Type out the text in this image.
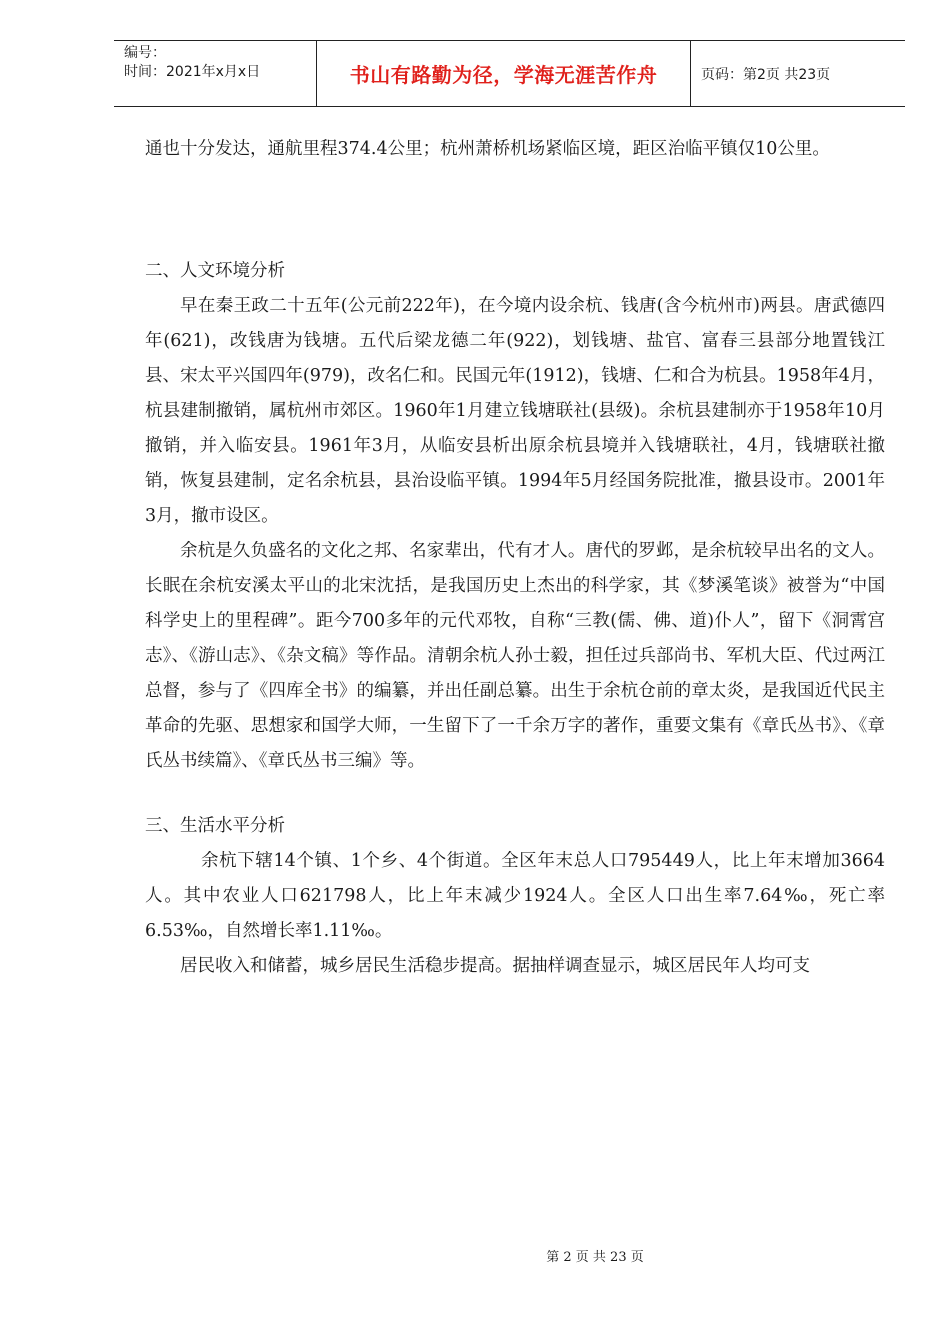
编号：
时间：2021年x月x日	书山有路勤为径，学海无涯苦作舟	页码：第2页 共23页

通也十分发达，通航里程374.4公里；杭州萧桥机场紧临区境，距区治临平镇仅10公里。

二、人文环境分析

早在秦王政二十五年(公元前222年)，在今境内设余杭、钱唐(含今杭州市)两县。唐武德四年(621)，改钱唐为钱塘。五代后梁龙德二年(922)，划钱塘、盐官、富春三县部分地置钱江县、宋太平兴国四年(979)，改名仁和。民国元年(1912)，钱塘、仁和合为杭县。1958年4月，杭县建制撤销，属杭州市郊区。1960年1月建立钱塘联社(县级)。余杭县建制亦于1958年10月撤销，并入临安县。1961年3月，从临安县析出原余杭县境并入钱塘联社，4月，钱塘联社撤销，恢复县建制，定名余杭县，县治设临平镇。1994年5月经国务院批准，撤县设市。2001年3月，撤市设区。

余杭是久负盛名的文化之邦、名家辈出，代有才人。唐代的罗邺，是余杭较早出名的文人。长眠在余杭安溪太平山的北宋沈括，是我国历史上杰出的科学家，其《梦溪笔谈》被誉为“中国科学史上的里程碑”。距今700多年的元代邓牧，自称“三教(儒、佛、道)仆人”，留下《洞霄宫志》、《游山志》、《杂文稿》等作品。清朝余杭人孙士毅，担任过兵部尚书、军机大臣、代过两江总督，参与了《四库全书》的编纂，并出任副总纂。出生于余杭仓前的章太炎，是我国近代民主革命的先驱、思想家和国学大师，一生留下了一千余万字的著作，重要文集有《章氏丛书》、《章氏丛书续篇》、《章氏丛书三编》等。

三、生活水平分析

余杭下辖14个镇、1个乡、4个街道。全区年末总人口795449人，比上年末增加3664人。其中农业人口621798人，比上年末减少1924人。全区人口出生率7.64‰，死亡率6.53‰，自然增长率1.11‰。

居民收入和储蓄，城乡居民生活稳步提高。据抽样调查显示，城区居民年人均可支

第 2 页 共 23 页
